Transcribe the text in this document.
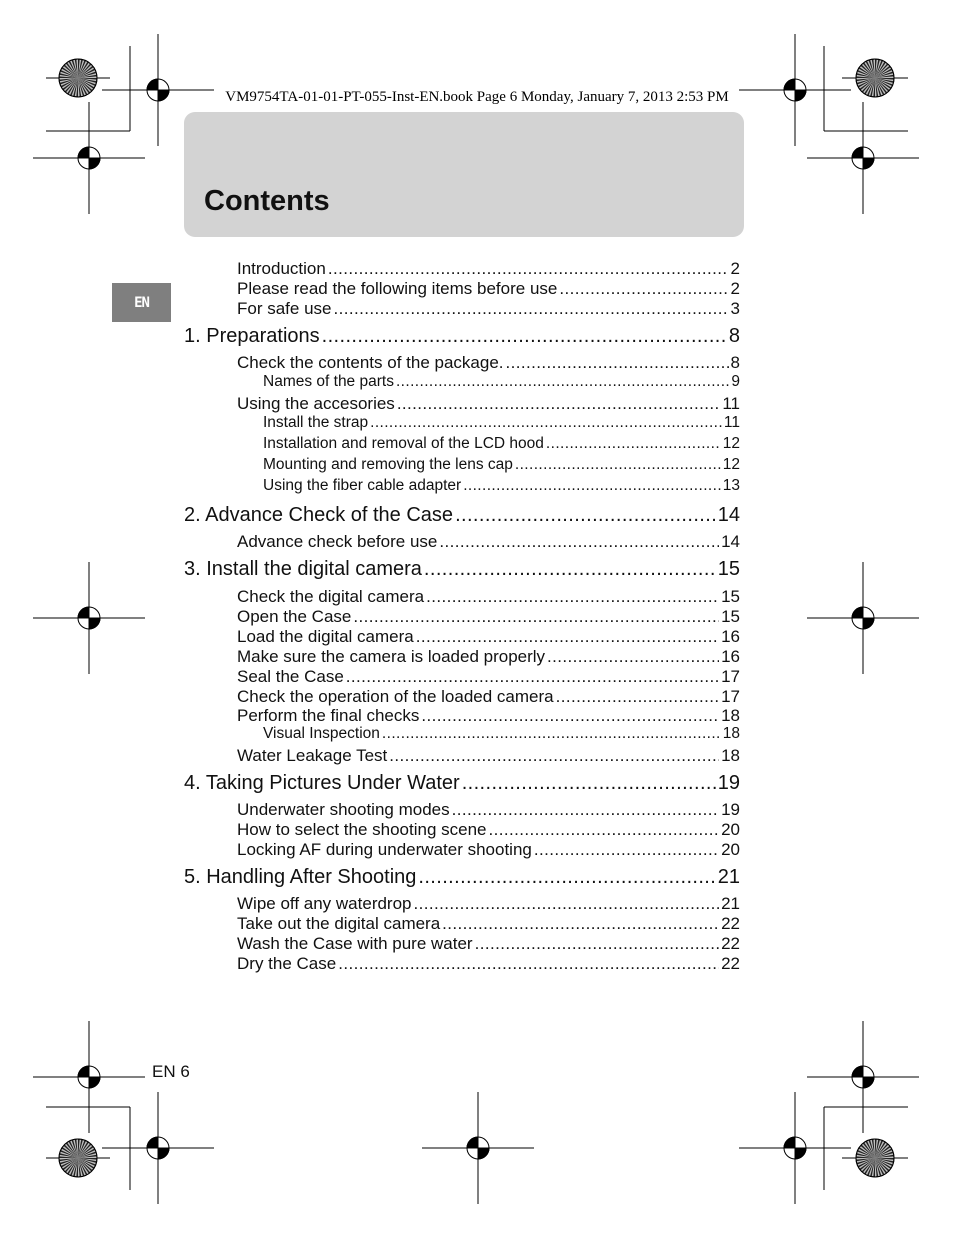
VM9754TA-01-01-PT-055-Inst-EN.book Page 6 Monday, January 7, 2013 2:53 PM
Contents
EN
Introduction .....	2
Please read the following items before use .....	2
For safe use .....	3
1. Preparations .....	8
Check the contents of the package. .....	8
Names of the parts .....	9
Using the accesories .....	11
Install the strap .....	11
Installation and removal of the LCD hood .....	12
Mounting and removing the lens cap .....	12
Using the fiber cable adapter .....	13
2. Advance Check of the Case .....	14
Advance check before use .....	14
3. Install the digital camera .....	15
Check the digital camera .....	15
Open the Case .....	15
Load the digital camera .....	16
Make sure the camera is loaded properly .....	16
Seal the Case .....	17
Check the operation of the loaded camera .....	17
Perform the final checks .....	18
Visual Inspection .....	18
Water Leakage Test .....	18
4. Taking Pictures Under Water .....	19
Underwater shooting modes .....	19
How to select the shooting scene .....	20
Locking AF during underwater shooting .....	20
5. Handling After Shooting .....	21
Wipe off any waterdrop .....	21
Take out the digital camera .....	22
Wash the Case with pure water .....	22
Dry the Case .....	22
EN 6
